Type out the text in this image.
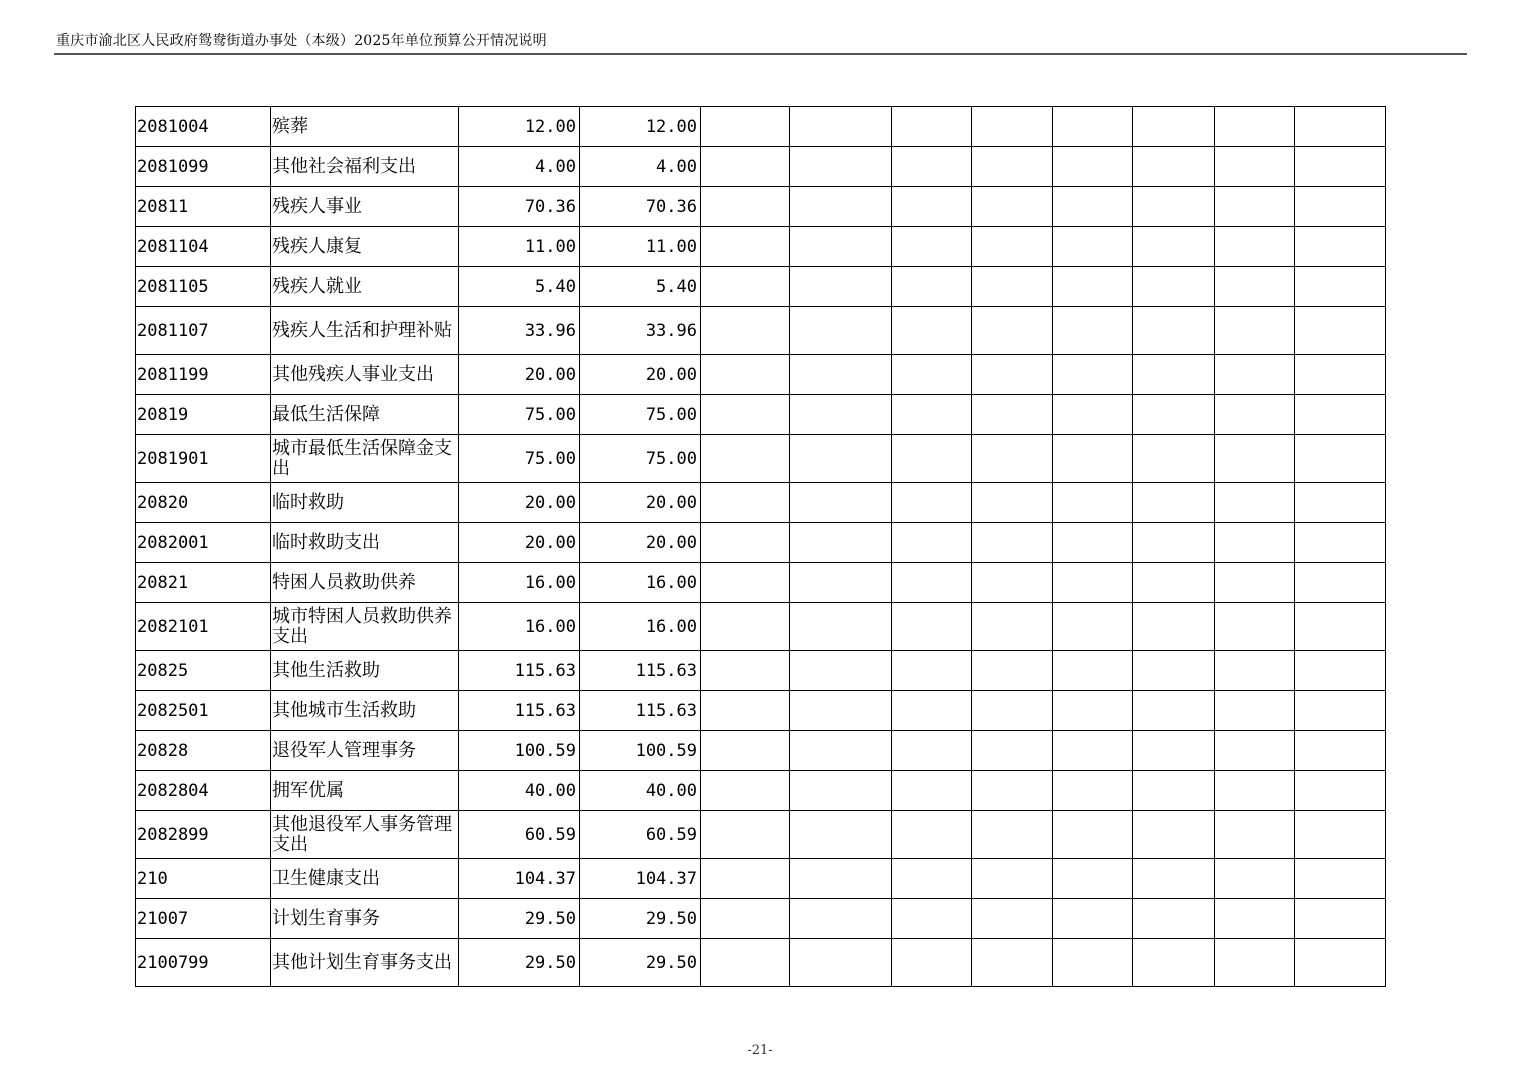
重庆市渝北区人民政府鸳鸯街道办事处（本级）2025年单位预算公开情况说明
2081004	殡葬	12.00	12.00								
2081099	其他社会福利支出	4.00	4.00								
20811	残疾人事业	70.36	70.36								
2081104	残疾人康复	11.00	11.00								
2081105	残疾人就业	5.40	5.40								
2081107	残疾人生活和护理补贴	33.96	33.96								
2081199	其他残疾人事业支出	20.00	20.00								
20819	最低生活保障	75.00	75.00								
2081901	城市最低生活保障金支出	75.00	75.00								
20820	临时救助	20.00	20.00								
2082001	临时救助支出	20.00	20.00								
20821	特困人员救助供养	16.00	16.00								
2082101	城市特困人员救助供养支出	16.00	16.00								
20825	其他生活救助	115.63	115.63								
2082501	其他城市生活救助	115.63	115.63								
20828	退役军人管理事务	100.59	100.59								
2082804	拥军优属	40.00	40.00								
2082899	其他退役军人事务管理支出	60.59	60.59								
210	卫生健康支出	104.37	104.37								
21007	计划生育事务	29.50	29.50								
2100799	其他计划生育事务支出	29.50	29.50								
-21-
